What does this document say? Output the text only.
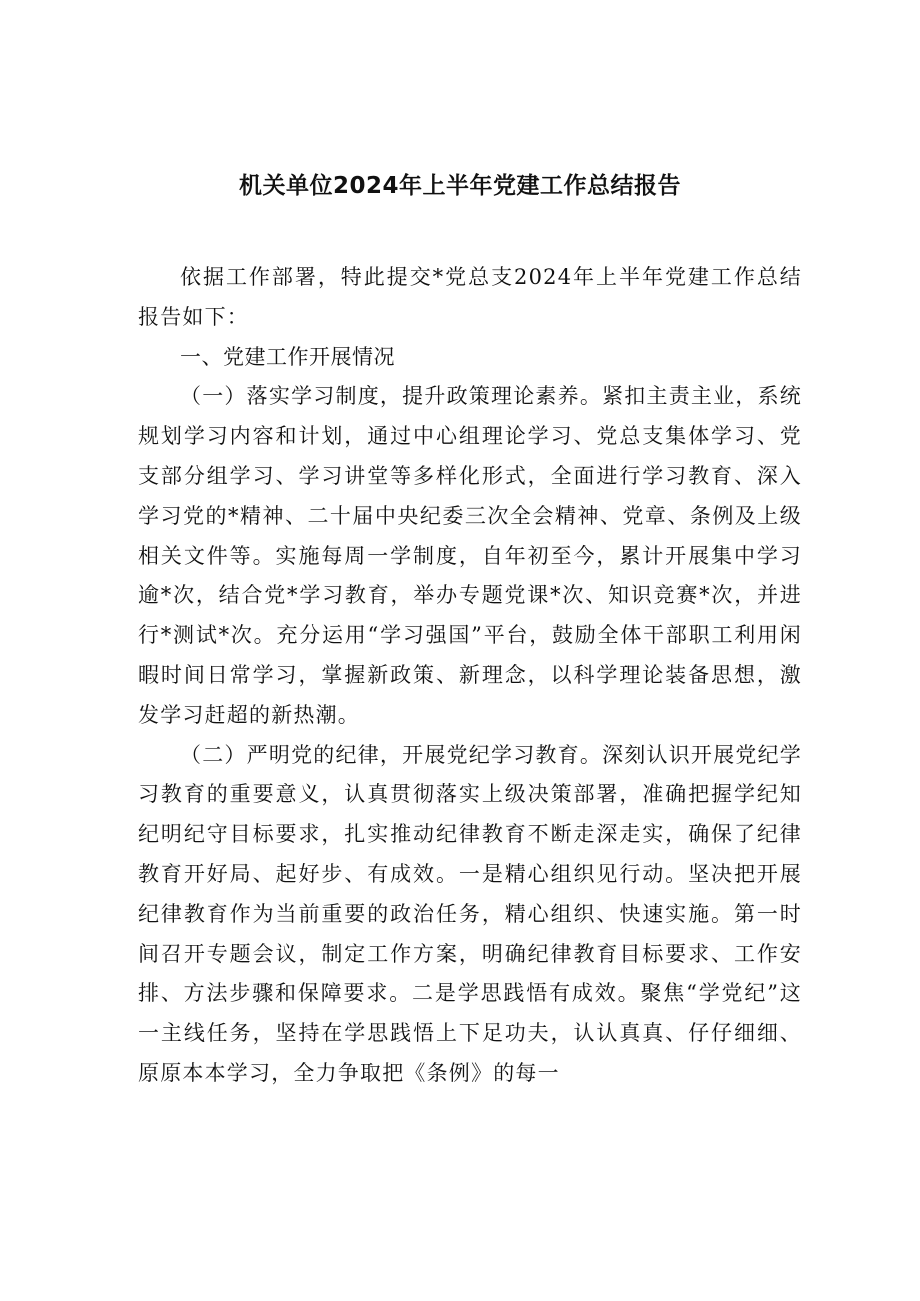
机关单位2024年上半年党建工作总结报告

依据工作部署，特此提交*党总支2024年上半年党建工作总结报告如下：

一、党建工作开展情况

（一）落实学习制度，提升政策理论素养。紧扣主责主业，系统规划学习内容和计划，通过中心组理论学习、党总支集体学习、党支部分组学习、学习讲堂等多样化形式，全面进行学习教育、深入学习党的*精神、二十届中央纪委三次全会精神、党章、条例及上级相关文件等。实施每周一学制度，自年初至今，累计开展集中学习逾*次，结合党*学习教育，举办专题党课*次、知识竞赛*次，并进行*测试*次。充分运用“学习强国”平台，鼓励全体干部职工利用闲暇时间日常学习，掌握新政策、新理念，以科学理论装备思想，激发学习赶超的新热潮。

（二）严明党的纪律，开展党纪学习教育。深刻认识开展党纪学习教育的重要意义，认真贯彻落实上级决策部署，准确把握学纪知纪明纪守目标要求，扎实推动纪律教育不断走深走实，确保了纪律教育开好局、起好步、有成效。一是精心组织见行动。坚决把开展纪律教育作为当前重要的政治任务，精心组织、快速实施。第一时间召开专题会议，制定工作方案，明确纪律教育目标要求、工作安排、方法步骤和保障要求。二是学思践悟有成效。聚焦“学党纪”这一主线任务，坚持在学思践悟上下足功夫，认认真真、仔仔细细、原原本本学习，全力争取把《条例》的每一
